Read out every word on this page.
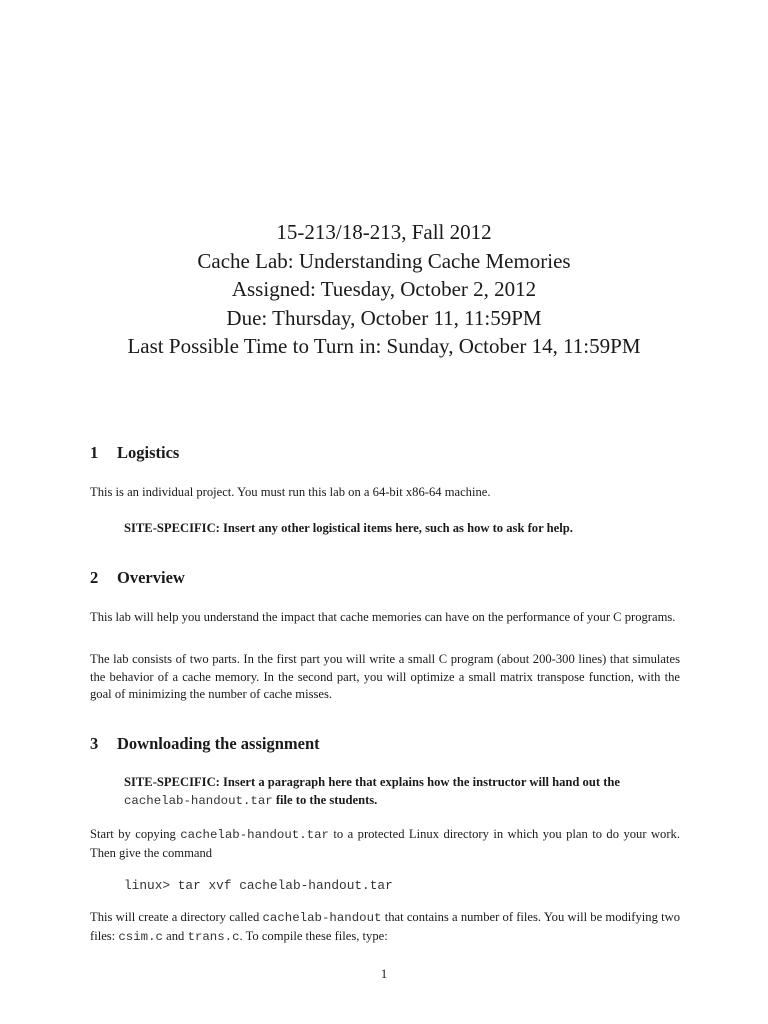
15-213/18-213, Fall 2012
Cache Lab: Understanding Cache Memories
Assigned: Tuesday, October 2, 2012
Due: Thursday, October 11, 11:59PM
Last Possible Time to Turn in: Sunday, October 14, 11:59PM
1 Logistics
This is an individual project. You must run this lab on a 64-bit x86-64 machine.
SITE-SPECIFIC: Insert any other logistical items here, such as how to ask for help.
2 Overview
This lab will help you understand the impact that cache memories can have on the performance of your C programs.
The lab consists of two parts. In the first part you will write a small C program (about 200-300 lines) that simulates the behavior of a cache memory. In the second part, you will optimize a small matrix transpose function, with the goal of minimizing the number of cache misses.
3 Downloading the assignment
SITE-SPECIFIC: Insert a paragraph here that explains how the instructor will hand out the cachelab-handout.tar file to the students.
Start by copying cachelab-handout.tar to a protected Linux directory in which you plan to do your work. Then give the command
linux> tar xvf cachelab-handout.tar
This will create a directory called cachelab-handout that contains a number of files. You will be modifying two files: csim.c and trans.c. To compile these files, type:
1
